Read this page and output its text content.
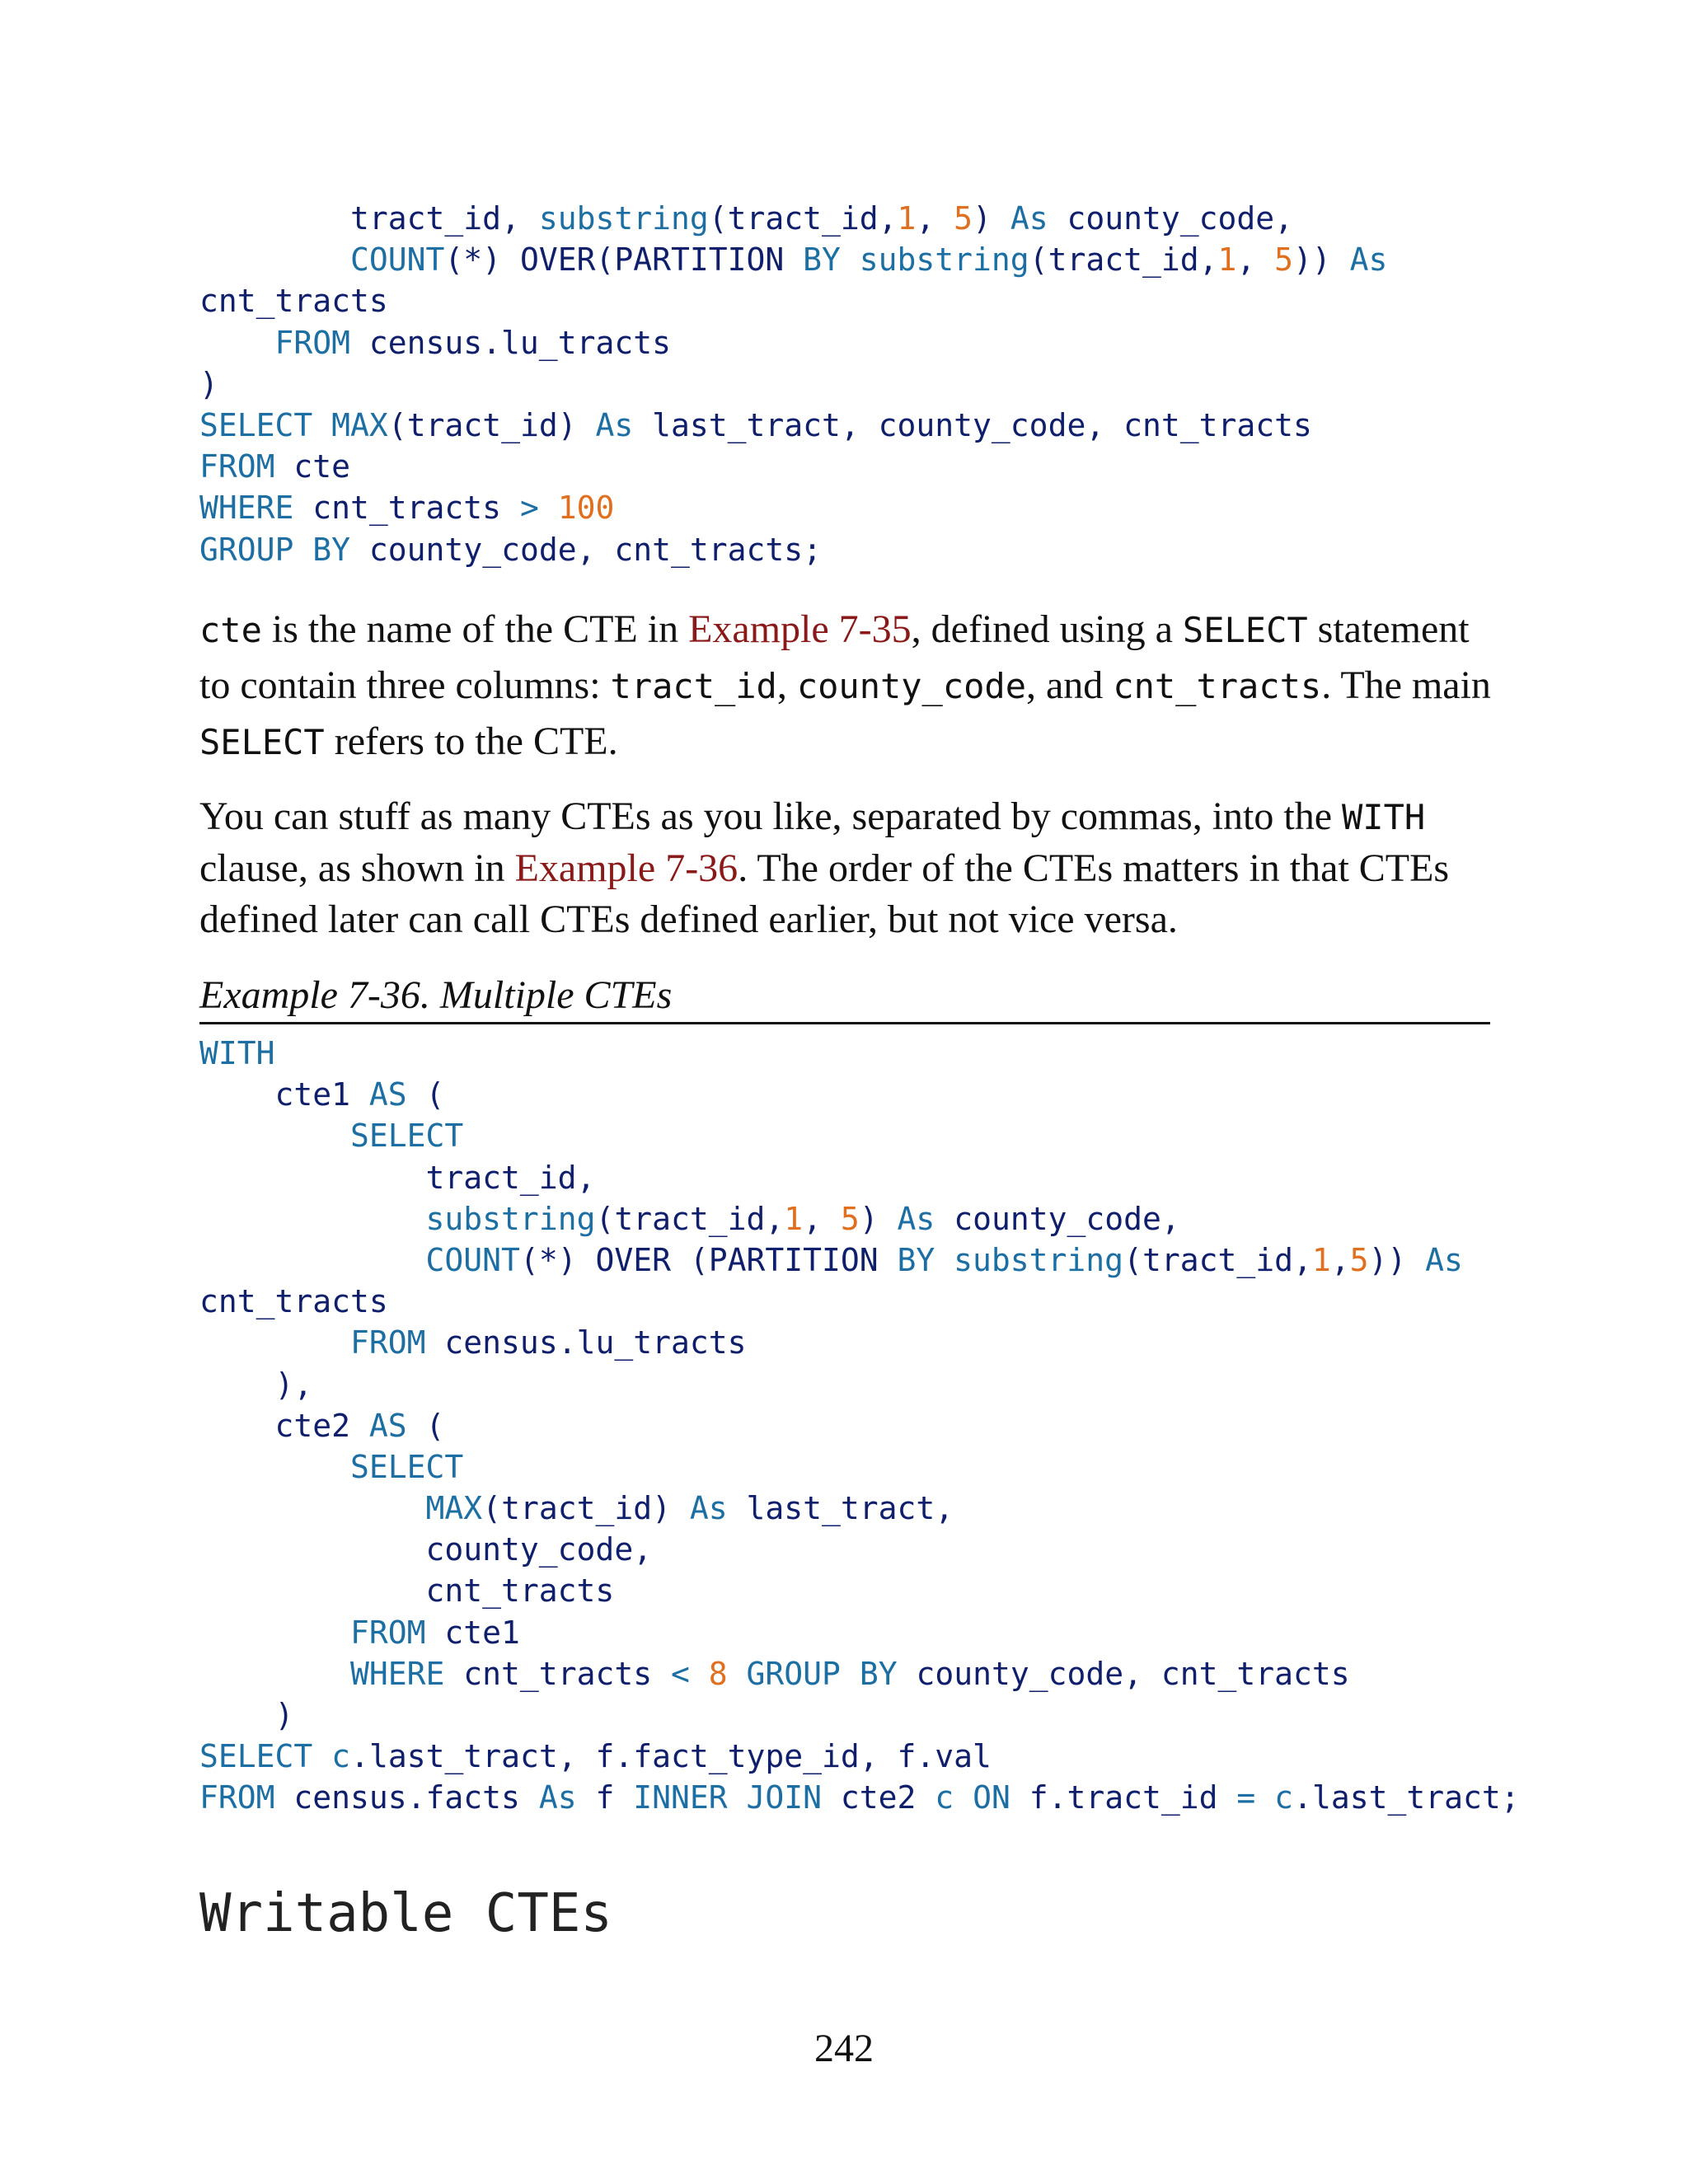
tract_id, substring(tract_id,1, 5) As county_code,
COUNT(*) OVER(PARTITION BY substring(tract_id,1, 5)) As
cnt_tracts
FROM census.lu_tracts
)
SELECT MAX(tract_id) As last_tract, county_code, cnt_tracts
FROM cte
WHERE cnt_tracts > 100
GROUP BY county_code, cnt_tracts;

cte is the name of the CTE in Example 7-35, defined using a SELECT statement to contain three columns: tract_id, county_code, and cnt_tracts. The main SELECT refers to the CTE.

You can stuff as many CTEs as you like, separated by commas, into the WITH clause, as shown in Example 7-36. The order of the CTEs matters in that CTEs defined later can call CTEs defined earlier, but not vice versa.

Example 7-36. Multiple CTEs
WITH
cte1 AS (
SELECT
tract_id,
substring(tract_id,1, 5) As county_code,
COUNT(*) OVER (PARTITION BY substring(tract_id,1,5)) As
cnt_tracts
FROM census.lu_tracts
),
cte2 AS (
SELECT
MAX(tract_id) As last_tract,
county_code,
cnt_tracts
FROM cte1
WHERE cnt_tracts < 8 GROUP BY county_code, cnt_tracts
)
SELECT c.last_tract, f.fact_type_id, f.val
FROM census.facts As f INNER JOIN cte2 c ON f.tract_id = c.last_tract;
Writable CTEs
242
